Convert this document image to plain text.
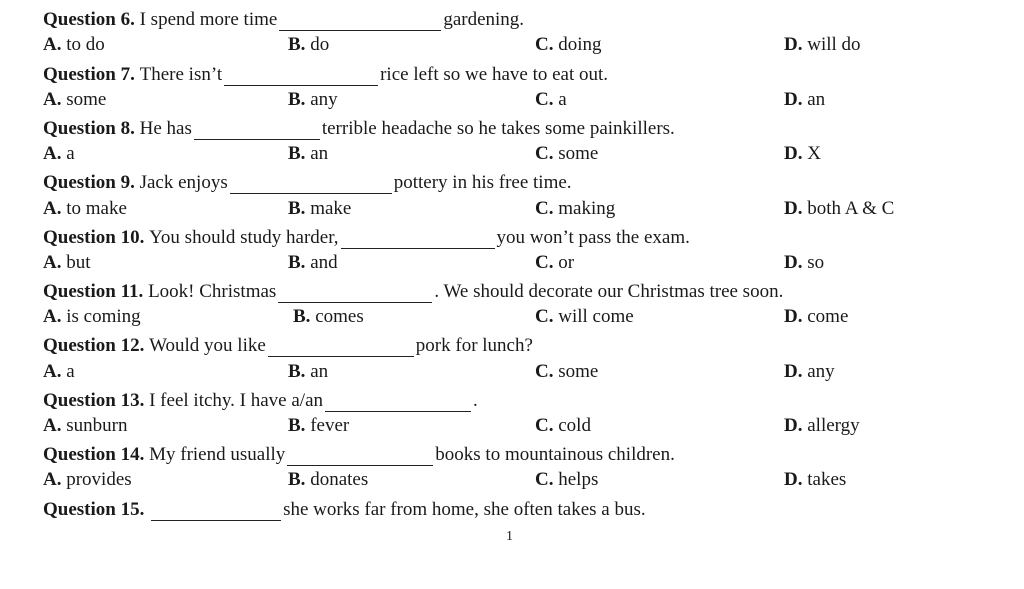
Question 6.
I spend more time	gardening.
A. to do	B. do	C. doing	D. will do
Question 7.
There isn’t	rice left so we have to eat out.
A. some	B. any	C. a	D. an
Question 8.
He has	terrible headache so he takes some painkillers.
A. a	B. an	C. some	D. X
Question 9.
Jack enjoys	pottery in his free time.
A. to make	B. make	C. making	D. both A & C
Question 10.
You should study harder,	you won’t pass the exam.
A. but	B. and	C. or	D. so
Question 11.
Look! Christmas	. We should decorate our Christmas tree soon.
A. is coming	B. comes	C. will come	D. come
Question 12.
Would you like	pork for lunch?
A. a	B. an	C. some	D. any
Question 13.
I feel itchy. I have a/an	.
A. sunburn	B. fever	C. cold	D. allergy
Question 14.
My friend usually	books to mountainous children.
A. provides	B. donates	C. helps	D. takes
Question 15.
	she works far from home, she often takes a bus.
1
